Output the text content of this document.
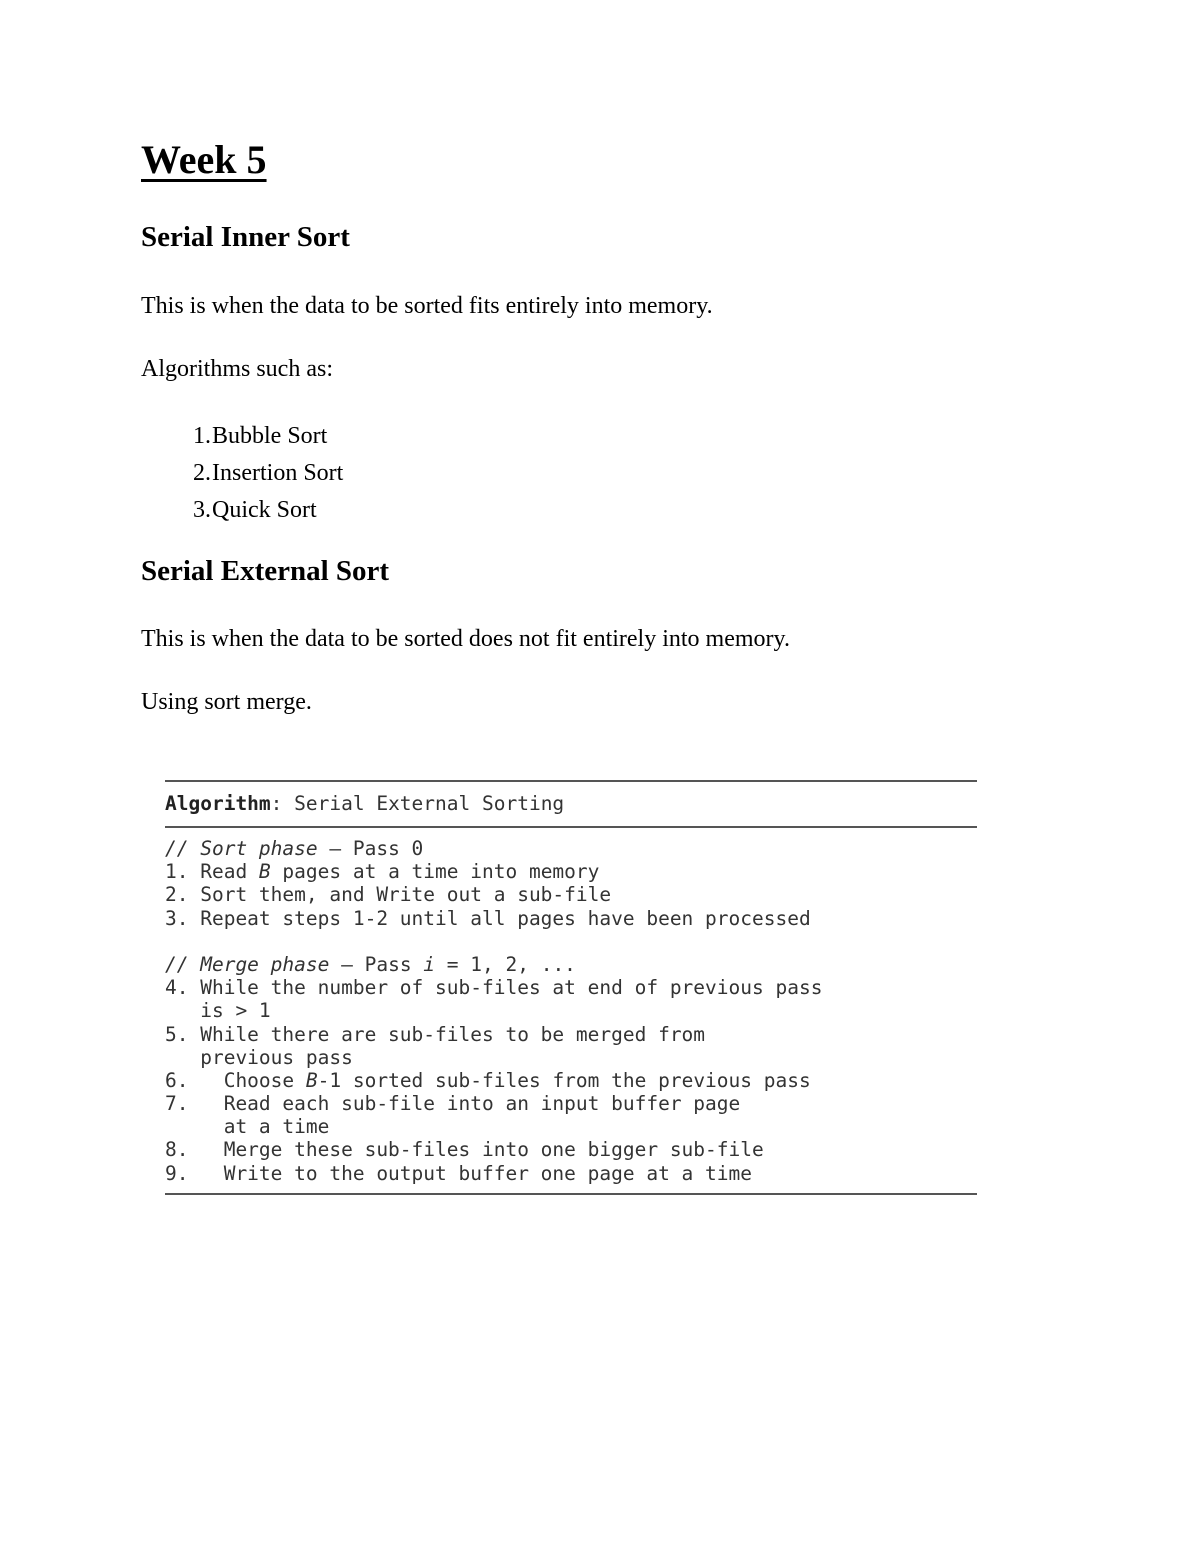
Week 5
Serial Inner Sort

This is when the data to be sorted fits entirely into memory.

Algorithms such as:

1. Bubble Sort
2. Insertion Sort
3. Quick Sort
Serial External Sort

This is when the data to be sorted does not fit entirely into memory.

Using sort merge.

Algorithm: Serial External Sorting
// Sort phase – Pass 0
1. Read B pages at a time into memory
2. Sort them, and Write out a sub-file
3. Repeat steps 1-2 until all pages have been processed
// Merge phase – Pass i = 1, 2, ...
4. While the number of sub-files at end of previous pass
is > 1
5. While there are sub-files to be merged from
previous pass
6.   Choose B-1 sorted sub-files from the previous pass
7.   Read each sub-file into an input buffer page
at a time
8.   Merge these sub-files into one bigger sub-file
9.   Write to the output buffer one page at a time
